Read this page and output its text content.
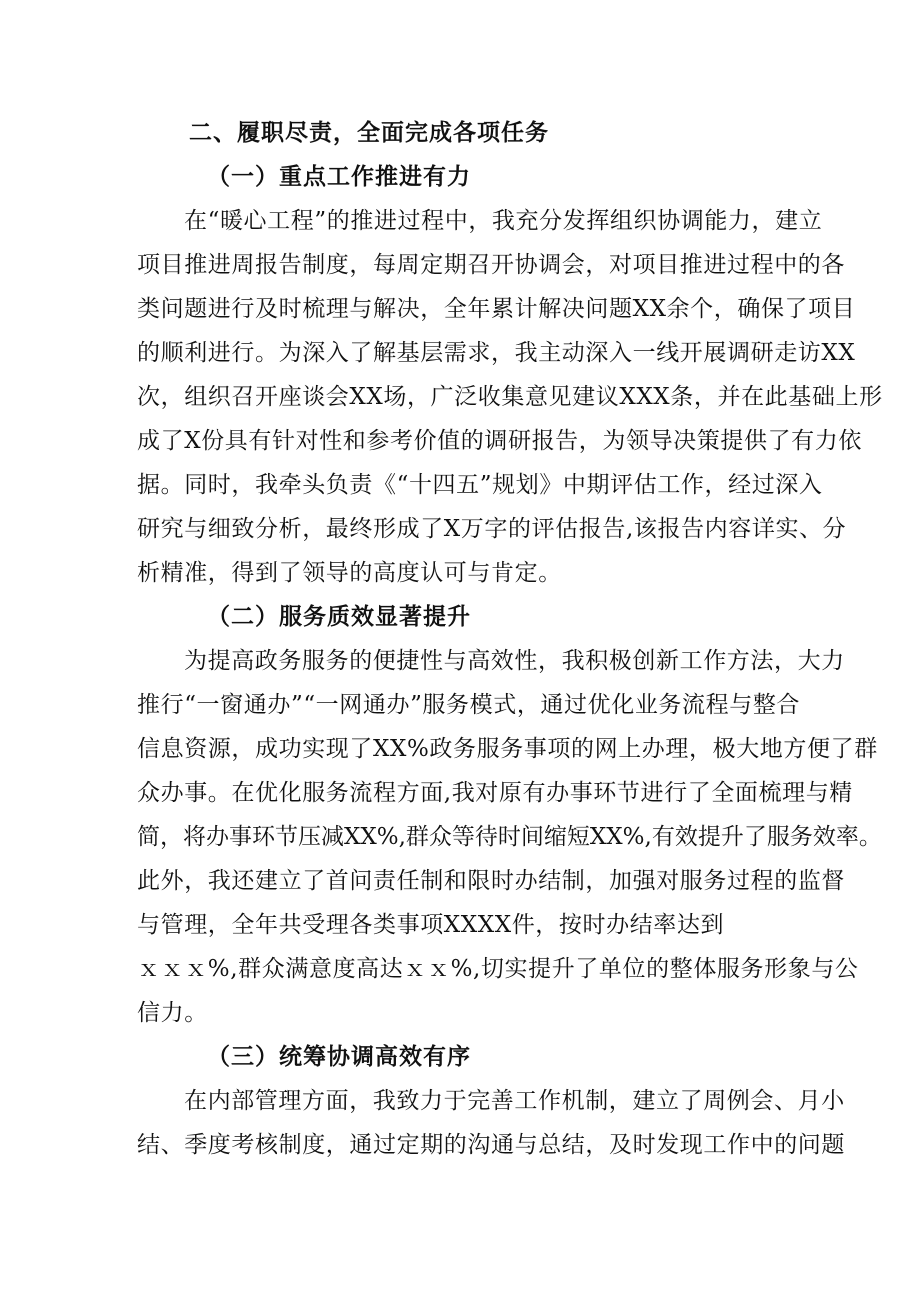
二、履职尽责，全面完成各项任务
（一）重点工作推进有力
在“暖心工程”的推进过程中，我充分发挥组织协调能力，建立
项目推进周报告制度，每周定期召开协调会，对项目推进过程中的各
类问题进行及时梳理与解决，全年累计解决问题XX余个，确保了项目
的顺利进行。为深入了解基层需求，我主动深入一线开展调研走访XX
次，组织召开座谈会XX场，广泛收集意见建议XXX条，并在此基础上形
成了X份具有针对性和参考价值的调研报告，为领导决策提供了有力依
据。同时，我牵头负责《“十四五”规划》中期评估工作，经过深入
研究与细致分析，最终形成了X万字的评估报告,该报告内容详实、分
析精准，得到了领导的高度认可与肯定。
（二）服务质效显著提升
为提高政务服务的便捷性与高效性，我积极创新工作方法，大力
推行“一窗通办”“一网通办”服务模式，通过优化业务流程与整合
信息资源，成功实现了XX%政务服务事项的网上办理，极大地方便了群
众办事。在优化服务流程方面,我对原有办事环节进行了全面梳理与精
简，将办事环节压减XX%,群众等待时间缩短XX%,有效提升了服务效率。
此外，我还建立了首问责任制和限时办结制，加强对服务过程的监督
与管理，全年共受理各类事项XXXX件，按时办结率达到
ｘｘｘ%,群众满意度高达ｘｘ%,切实提升了单位的整体服务形象与公
信力。
（三）统筹协调高效有序
在内部管理方面，我致力于完善工作机制，建立了周例会、月小
结、季度考核制度，通过定期的沟通与总结，及时发现工作中的问题
